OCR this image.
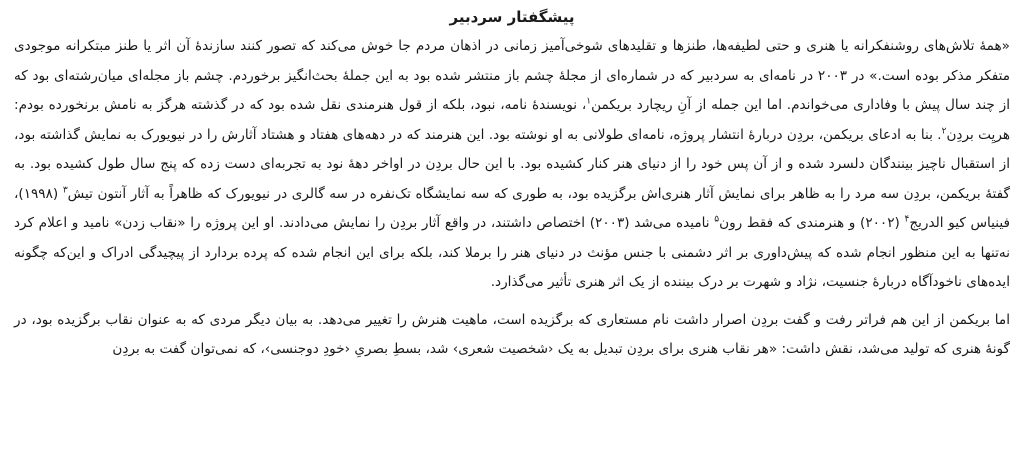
پیشگفتار سردبیر

«همهٔ تلاش‌های روشنفکرانه یا هنری و حتی لطیفه‌ها، طنزها و تقلیدهای شوخی‌آمیز زمانی در اذهان مردم جا خوش می‌کند که تصور کنند سازندهٔ آن اثر یا طنز مبتکرانه موجودی متفکر مذکر بوده است.» در ۲۰۰۳ در نامه‌ای به سردبیر که در شماره‌ای از مجلهٔ چشم باز منتشر شده بود به این جملهٔ بحث‌انگیز برخوردم. چشم باز مجله‌ای میان‌رشته‌ای بود که از چند سال پیش با وفاداری می‌خواندم. اما این جمله از آنِ ریچارد بریکمن$^۱$، نویسندهٔ نامه، نبود، بلکه از قول هنرمندی نقل شده بود که در گذشته هرگز به نامش برنخورده بودم: هریِت بردِن$^۲$. بنا به ادعای بریکمن، بردِن دربارهٔ انتشار پروژه، نامه‌ای طولانی به او نوشته بود. این هنرمند که در دهه‌های هفتاد و هشتاد آثارش را در نیویورک به نمایش گذاشته بود، از استقبال ناچیز بینندگان دلسرد شده و از آن پس خود را از دنیای هنر کنار کشیده بود. با این حال بردِن در اواخر دههٔ نود به تجربه‌ای دست زده که پنج سال طول کشیده بود. به گفتهٔ بریکمن، بردِن سه مرد را به ظاهر برای نمایش آثار هنری‌اش برگزیده بود، به طوری که سه نمایشگاه تک‌نفره در سه گالری در نیویورک که ظاهراً به آثار آنتون تیش$^۳$ (۱۹۹۸)، فینیاس کیو الدریج$^۴$ (۲۰۰۲) و هنرمندی که فقط رون$^۵$ نامیده می‌شد (۲۰۰۳) اختصاص داشتند، در واقع آثار بردِن را نمایش می‌دادند. او این پروژه را «نقاب زدن» نامید و اعلام کرد نه‌تنها به این منظور انجام شده که پیش‌داوری بر اثر دشمنی با جنس مؤنث در دنیای هنر را برملا کند، بلکه برای این انجام شده که پرده بردارد از پیچیدگی ادراک و این‌که چگونه ایده‌های ناخودآگاه دربارهٔ جنسیت، نژاد و شهرت بر درک بیننده از یک اثر هنری تأثیر می‌گذارد.

اما بریکمن از این هم فراتر رفت و گفت بردِن اصرار داشت نام مستعاری که برگزیده است، ماهیت هنرش را تغییر می‌دهد. به بیان دیگر مردی که به عنوان نقاب برگزیده بود، در گونهٔ هنری که تولید می‌شد، نقش داشت: «هر نقاب هنری برای بردِن تبدیل به یک ‹شخصیت شعری› شد، بسطِ بصریِ ‹خودِ دوجنسی›، که نمی‌توان گفت به بردِن
